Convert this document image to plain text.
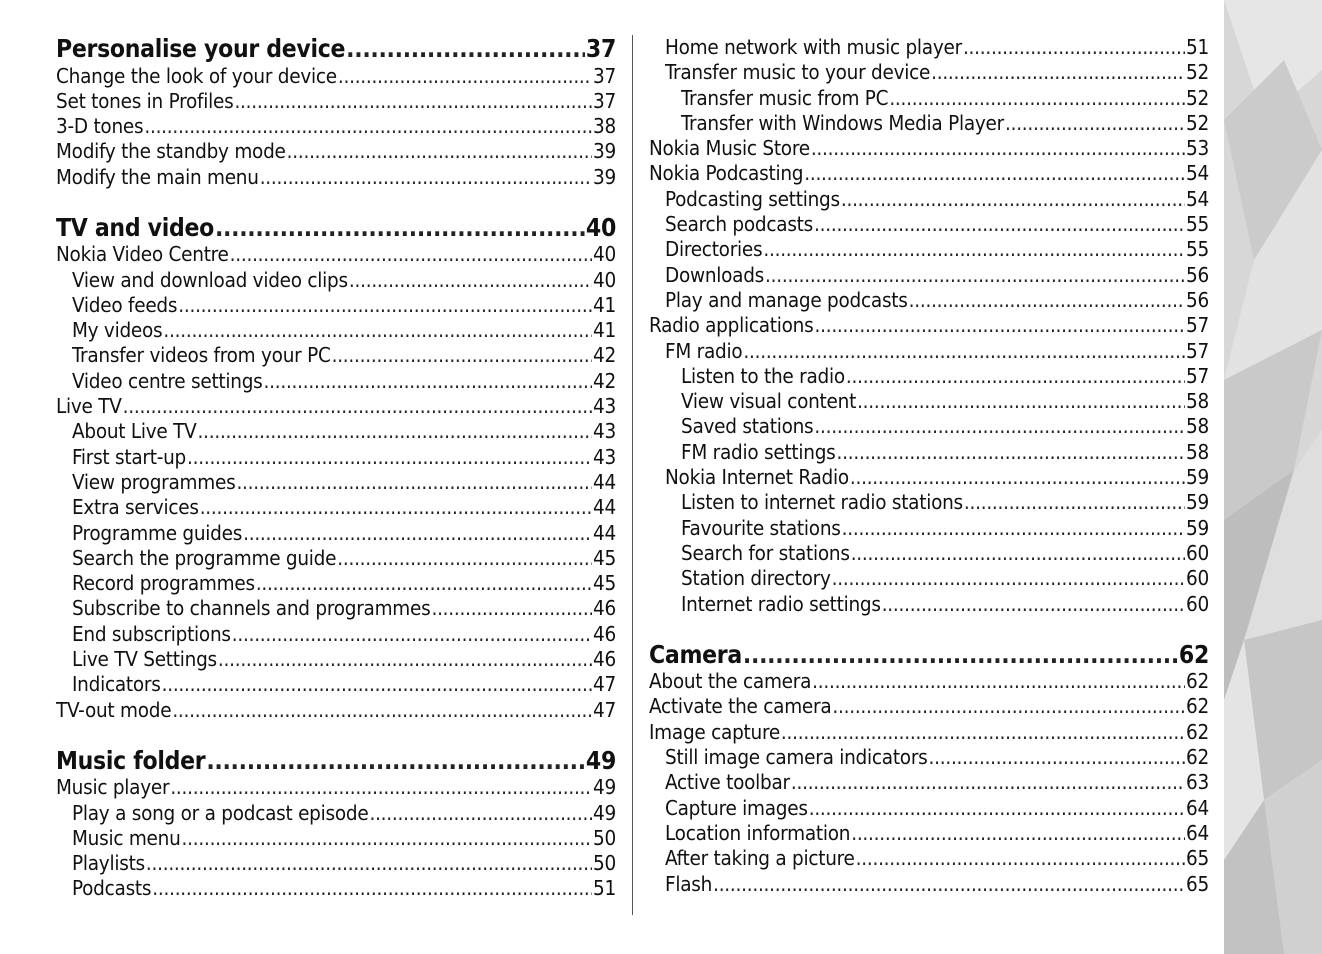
Personalise your device .....	37
Change the look of your device .....	37
Set tones in Profiles .....	37
3-D tones .....	38
Modify the standby mode .....	39
Modify the main menu .....	39
TV and video .....	40
Nokia Video Centre .....	40
View and download video clips .....	40
Video feeds .....	41
My videos .....	41
Transfer videos from your PC .....	42
Video centre settings .....	42
Live TV .....	43
About Live TV .....	43
First start-up .....	43
View programmes .....	44
Extra services .....	44
Programme guides .....	44
Search the programme guide .....	45
Record programmes .....	45
Subscribe to channels and programmes .....	46
End subscriptions .....	46
Live TV Settings .....	46
Indicators .....	47
TV-out mode .....	47
Music folder .....	49
Music player .....	49
Play a song or a podcast episode .....	49
Music menu .....	50
Playlists .....	50
Podcasts .....	51
Home network with music player .....	51
Transfer music to your device .....	52
Transfer music from PC .....	52
Transfer with Windows Media Player .....	52
Nokia Music Store .....	53
Nokia Podcasting .....	54
Podcasting settings .....	54
Search podcasts .....	55
Directories .....	55
Downloads .....	56
Play and manage podcasts .....	56
Radio applications .....	57
FM radio .....	57
Listen to the radio .....	57
View visual content .....	58
Saved stations .....	58
FM radio settings .....	58
Nokia Internet Radio .....	59
Listen to internet radio stations .....	59
Favourite stations .....	59
Search for stations .....	60
Station directory .....	60
Internet radio settings .....	60
Camera .....	62
About the camera .....	62
Activate the camera .....	62
Image capture .....	62
Still image camera indicators .....	62
Active toolbar .....	63
Capture images .....	64
Location information .....	64
After taking a picture .....	65
Flash .....	65
